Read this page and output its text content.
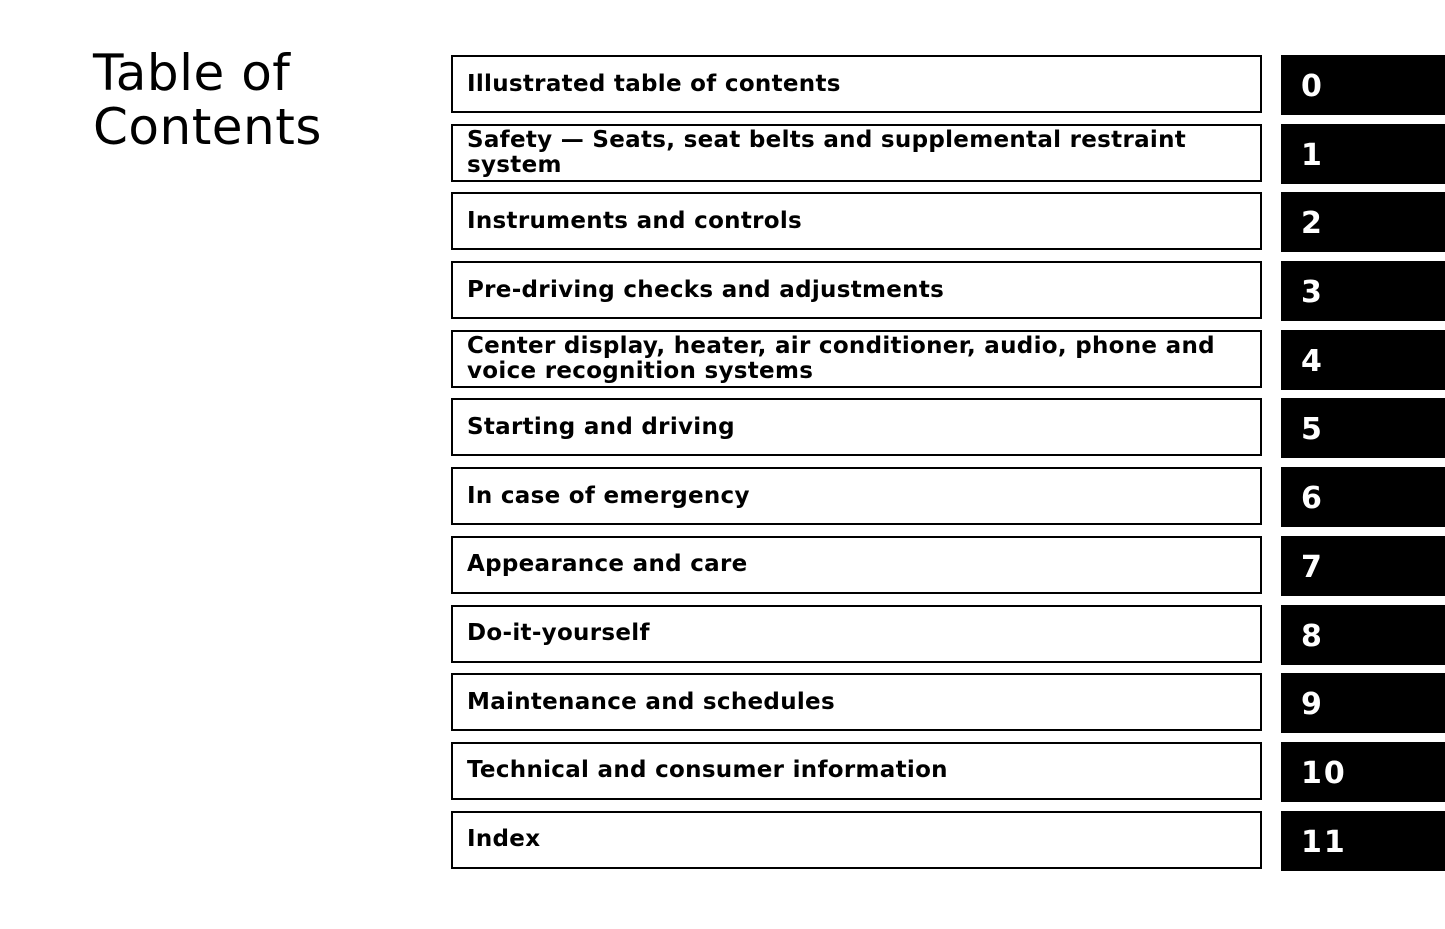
Table of
Contents
Illustrated table of contents	0
Safety — Seats, seat belts and supplemental restraint system	1
Instruments and controls	2
Pre-driving checks and adjustments	3
Center display, heater, air conditioner, audio, phone and voice recognition systems	4
Starting and driving	5
In case of emergency	6
Appearance and care	7
Do-it-yourself	8
Maintenance and schedules	9
Technical and consumer information	10
Index	11
